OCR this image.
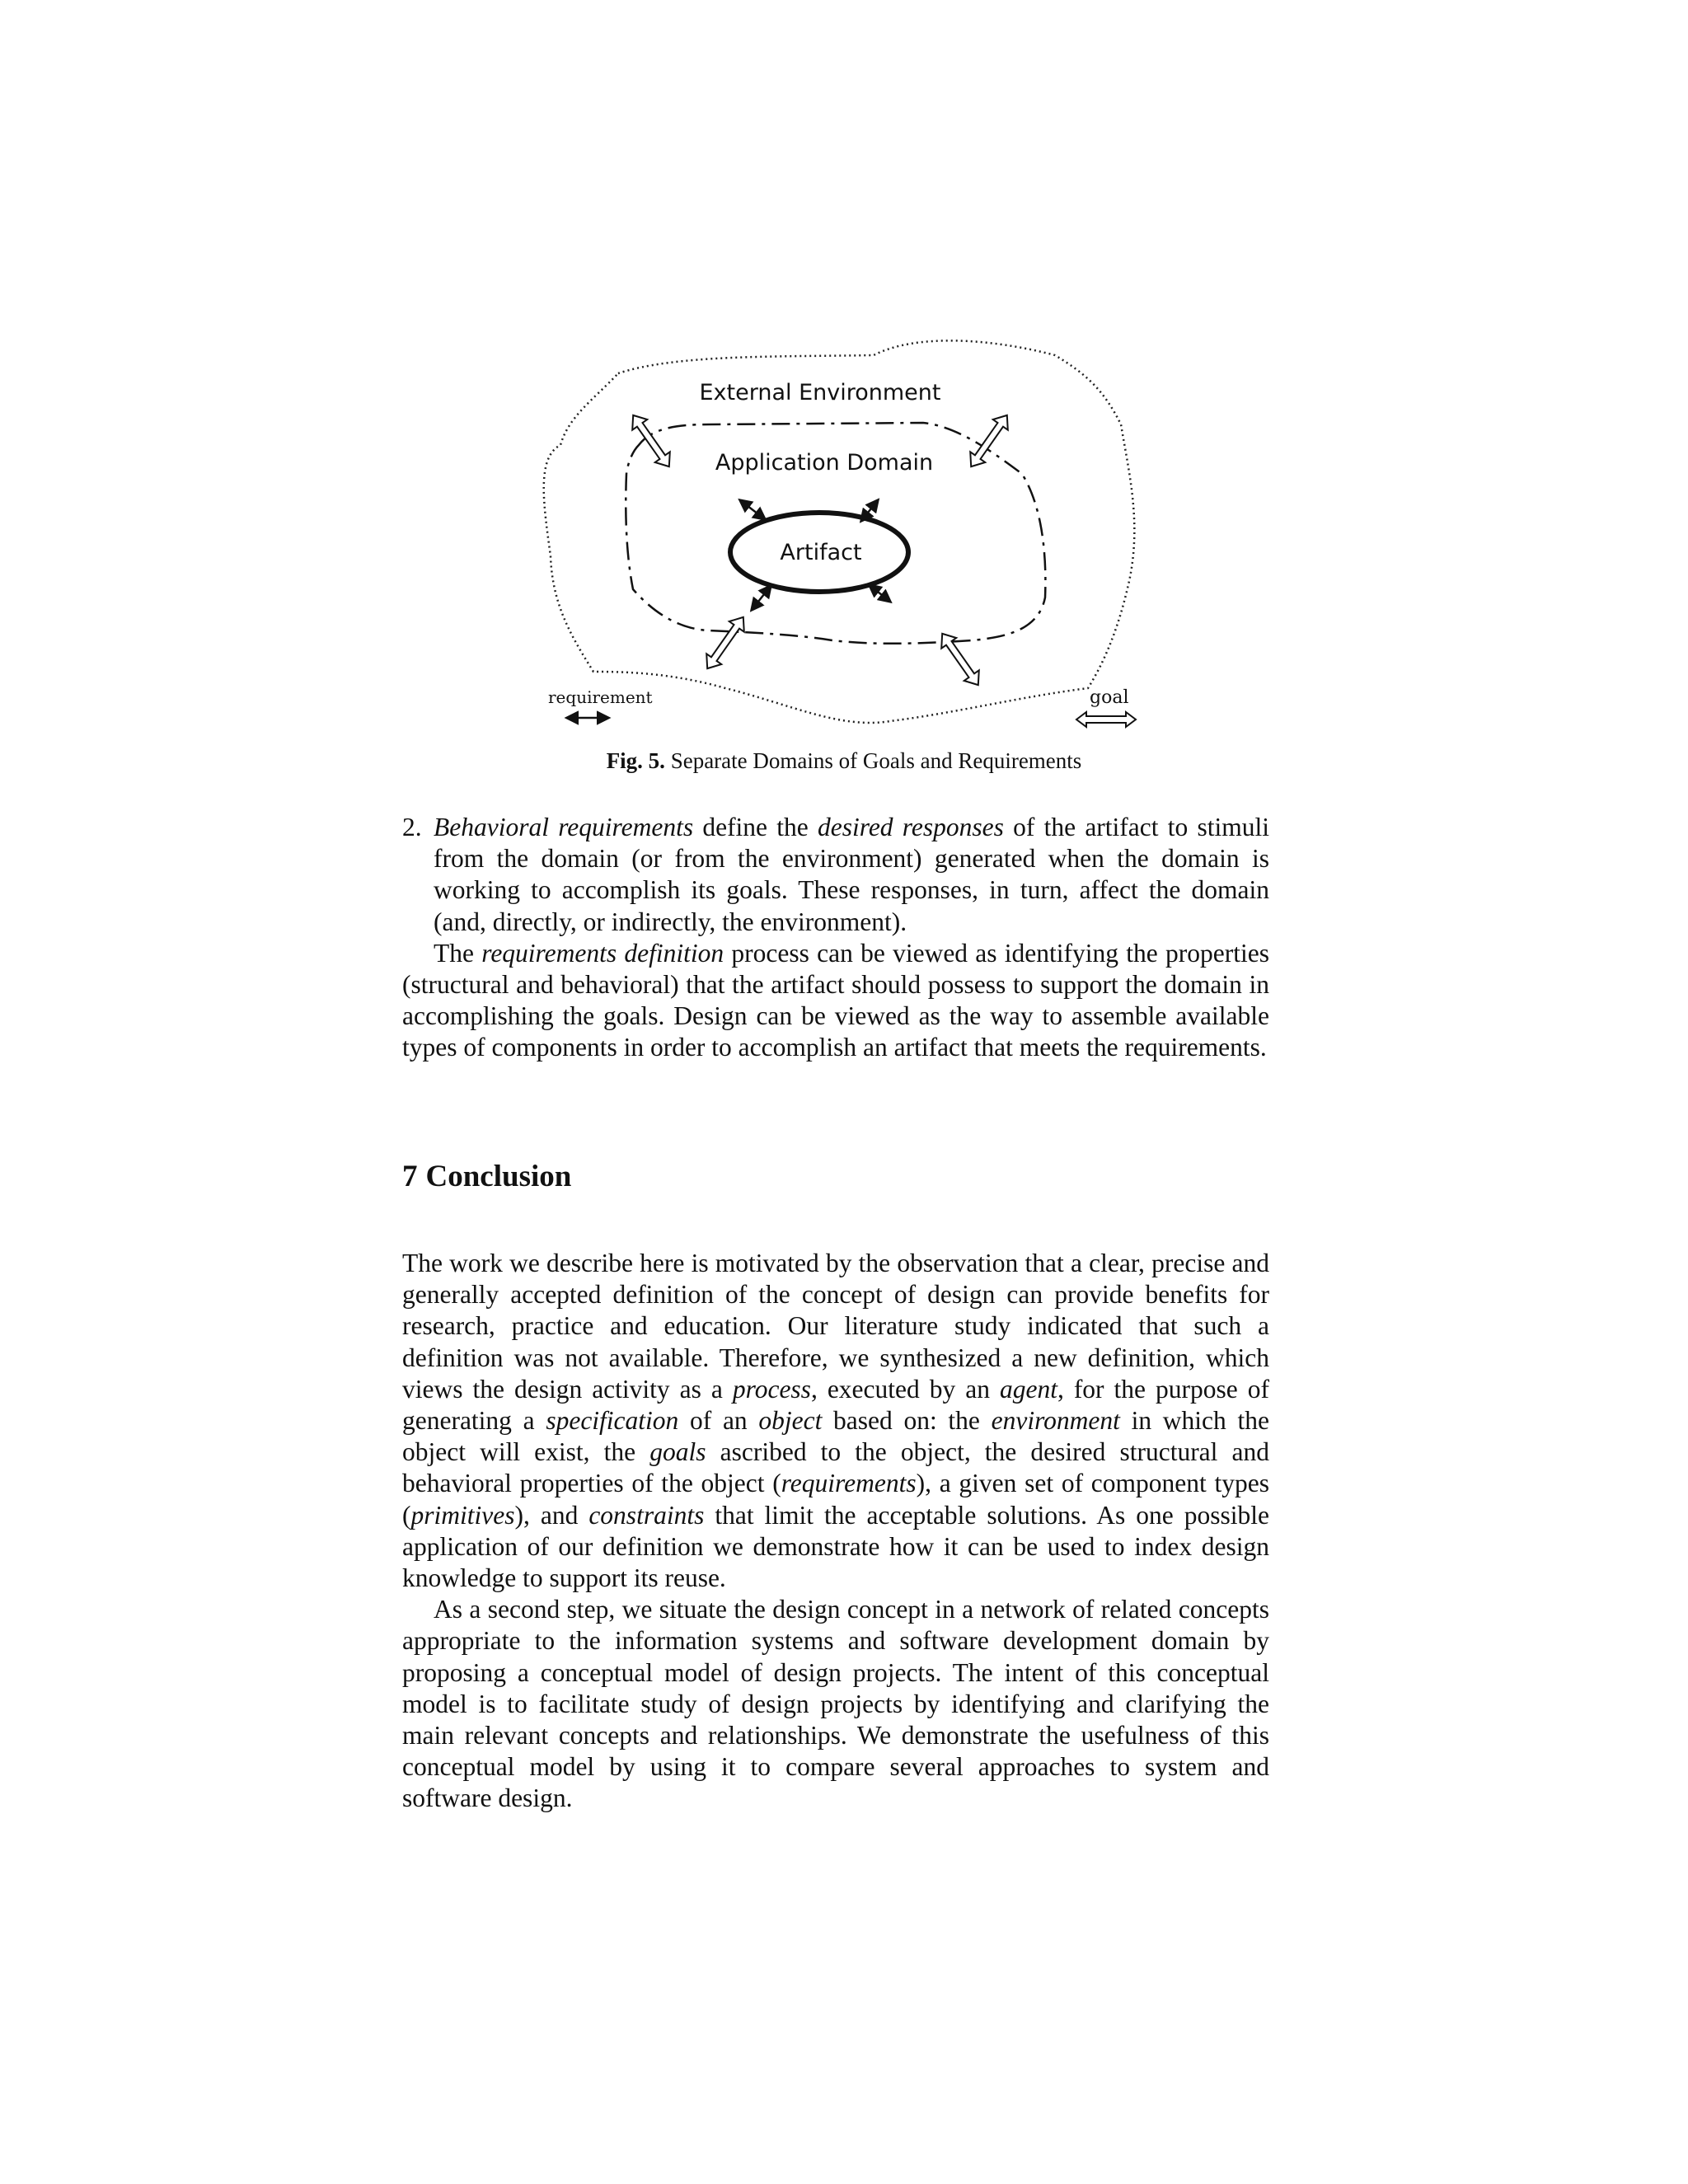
External Environment
Application Domain
Artifact
requirement	goal
Fig. 5. Separate Domains of Goals and Requirements

2. Behavioral requirements define the desired responses of the artifact to stimuli from the domain (or from the environment) generated when the domain is working to accomplish its goals. These responses, in turn, affect the domain (and, directly, or indirectly, the environment).

The requirements definition process can be viewed as identifying the properties (structural and behavioral) that the artifact should possess to support the domain in accomplishing the goals. Design can be viewed as the way to assemble available types of components in order to accomplish an artifact that meets the requirements.

7 Conclusion

The work we describe here is motivated by the observation that a clear, precise and generally accepted definition of the concept of design can provide benefits for research, practice and education. Our literature study indicated that such a definition was not available. Therefore, we synthesized a new definition, which views the design activity as a process, executed by an agent, for the purpose of generating a specification of an object based on: the environment in which the object will exist, the goals ascribed to the object, the desired structural and behavioral properties of the object (requirements), a given set of component types (primitives), and constraints that limit the acceptable solutions. As one possible application of our definition we demonstrate how it can be used to index design knowledge to support its reuse.

As a second step, we situate the design concept in a network of related concepts appropriate to the information systems and software development domain by proposing a conceptual model of design projects. The intent of this conceptual model is to facilitate study of design projects by identifying and clarifying the main relevant concepts and relationships. We demonstrate the usefulness of this conceptual model by using it to compare several approaches to system and software design.
